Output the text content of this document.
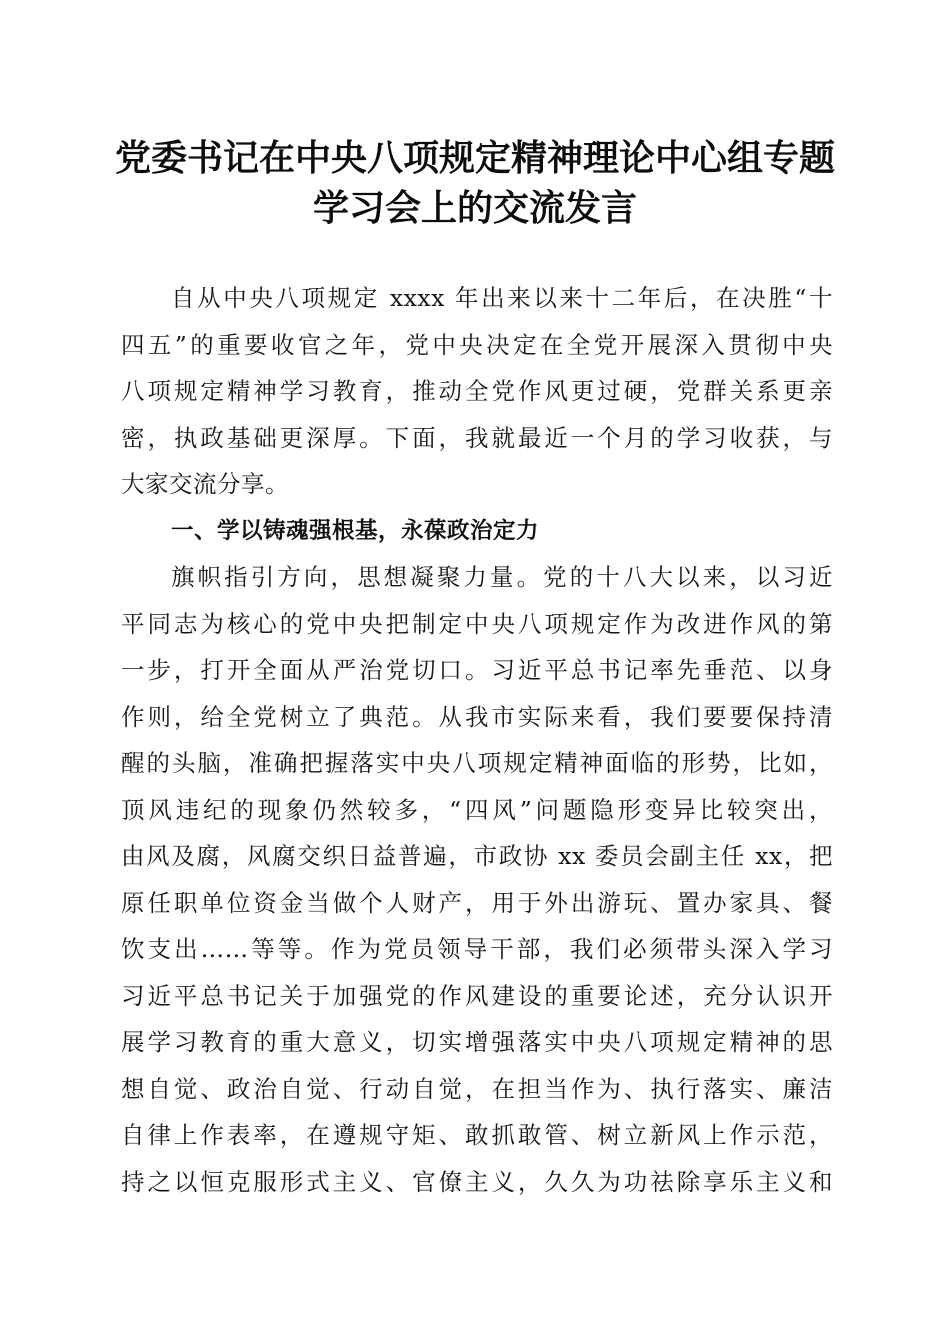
党委书记在中央八项规定精神理论中心组专题
学习会上的交流发言
自从中央八项规定 xxxx 年出来以来十二年后，在决胜“十
四五”的重要收官之年，党中央决定在全党开展深入贯彻中央
八项规定精神学习教育，推动全党作风更过硬，党群关系更亲
密，执政基础更深厚。下面，我就最近一个月的学习收获，与
大家交流分享。
一、学以铸魂强根基，永葆政治定力
旗帜指引方向，思想凝聚力量。党的十八大以来，以习近
平同志为核心的党中央把制定中央八项规定作为改进作风的第
一步，打开全面从严治党切口。习近平总书记率先垂范、以身
作则，给全党树立了典范。从我市实际来看，我们要要保持清
醒的头脑，准确把握落实中央八项规定精神面临的形势，比如，
顶风违纪的现象仍然较多，“四风”问题隐形变异比较突出，
由风及腐，风腐交织日益普遍，市政协 xx 委员会副主任 xx，把
原任职单位资金当做个人财产，用于外出游玩、置办家具、餐
饮支出……等等。作为党员领导干部，我们必须带头深入学习
习近平总书记关于加强党的作风建设的重要论述，充分认识开
展学习教育的重大意义，切实增强落实中央八项规定精神的思
想自觉、政治自觉、行动自觉，在担当作为、执行落实、廉洁
自律上作表率，在遵规守矩、敢抓敢管、树立新风上作示范，
持之以恒克服形式主义、官僚主义，久久为功祛除享乐主义和
